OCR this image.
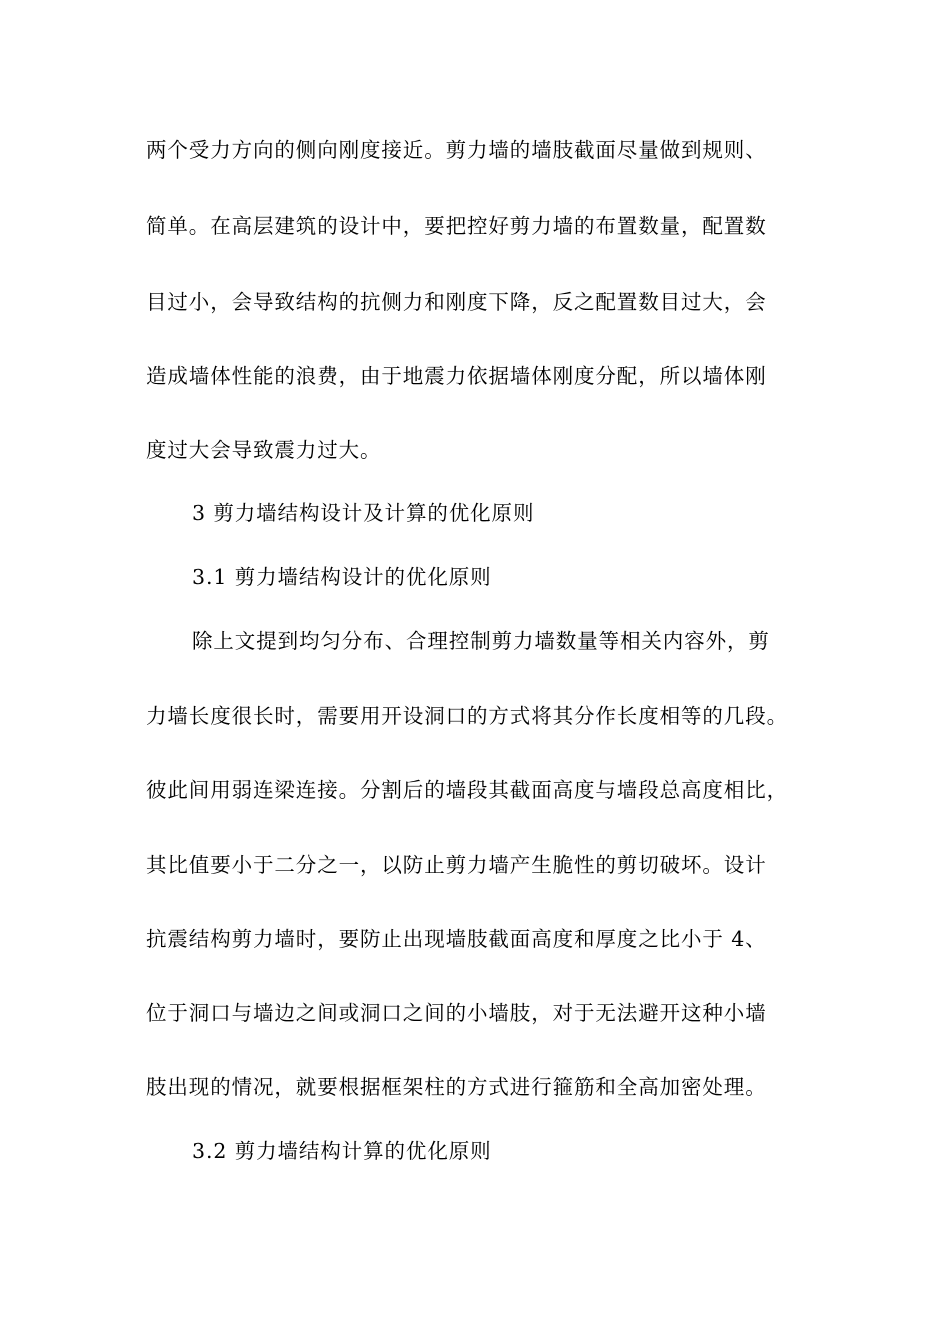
两个受力方向的侧向刚度接近。剪力墙的墙肢截面尽量做到规则、
简单。在高层建筑的设计中，要把控好剪力墙的布置数量，配置数
目过小，会导致结构的抗侧力和刚度下降，反之配置数目过大，会
造成墙体性能的浪费，由于地震力依据墙体刚度分配，所以墙体刚
度过大会导致震力过大。
3 剪力墙结构设计及计算的优化原则
3.1 剪力墙结构设计的优化原则
除上文提到均匀分布、合理控制剪力墙数量等相关内容外，剪
力墙长度很长时，需要用开设洞口的方式将其分作长度相等的几段。
彼此间用弱连梁连接。分割后的墙段其截面高度与墙段总高度相比，
其比值要小于二分之一，以防止剪力墙产生脆性的剪切破坏。设计
抗震结构剪力墙时，要防止出现墙肢截面高度和厚度之比小于 4、
位于洞口与墙边之间或洞口之间的小墙肢，对于无法避开这种小墙
肢出现的情况，就要根据框架柱的方式进行箍筋和全高加密处理。
3.2 剪力墙结构计算的优化原则
